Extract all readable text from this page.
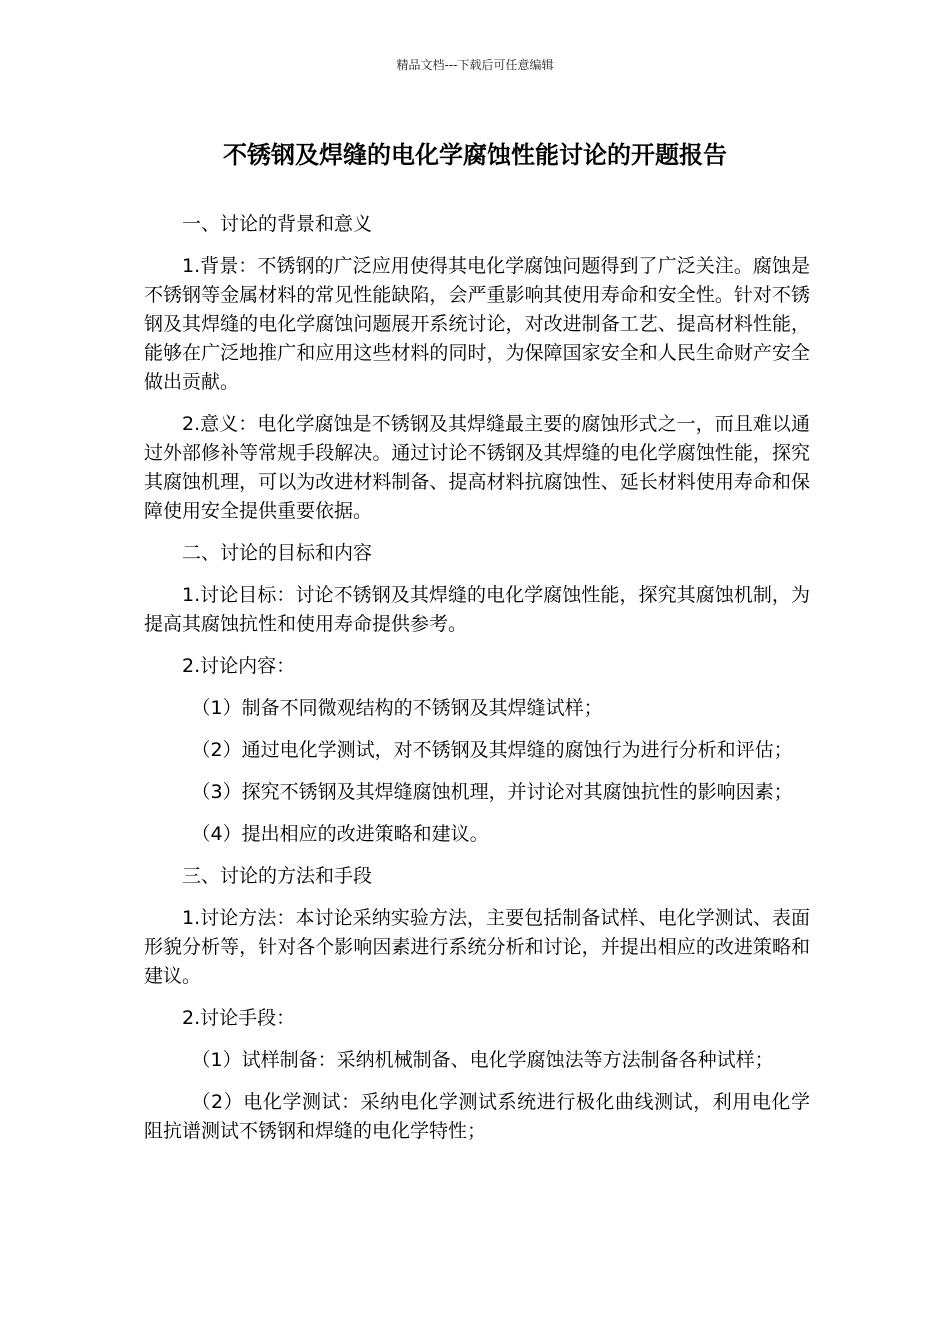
精品文档---下载后可任意编辑
不锈钢及焊缝的电化学腐蚀性能讨论的开题报告

一、讨论的背景和意义

1.背景：不锈钢的广泛应用使得其电化学腐蚀问题得到了广泛关注。腐蚀是不锈钢等金属材料的常见性能缺陷，会严重影响其使用寿命和安全性。针对不锈钢及其焊缝的电化学腐蚀问题展开系统讨论，对改进制备工艺、提高材料性能，能够在广泛地推广和应用这些材料的同时，为保障国家安全和人民生命财产安全做出贡献。

2.意义：电化学腐蚀是不锈钢及其焊缝最主要的腐蚀形式之一，而且难以通过外部修补等常规手段解决。通过讨论不锈钢及其焊缝的电化学腐蚀性能，探究其腐蚀机理，可以为改进材料制备、提高材料抗腐蚀性、延长材料使用寿命和保障使用安全提供重要依据。

二、讨论的目标和内容

1.讨论目标：讨论不锈钢及其焊缝的电化学腐蚀性能，探究其腐蚀机制，为提高其腐蚀抗性和使用寿命提供参考。

2.讨论内容：

（1）制备不同微观结构的不锈钢及其焊缝试样；

（2）通过电化学测试，对不锈钢及其焊缝的腐蚀行为进行分析和评估；

（3）探究不锈钢及其焊缝腐蚀机理，并讨论对其腐蚀抗性的影响因素；

（4）提出相应的改进策略和建议。

三、讨论的方法和手段

1.讨论方法：本讨论采纳实验方法，主要包括制备试样、电化学测试、表面形貌分析等，针对各个影响因素进行系统分析和讨论，并提出相应的改进策略和建议。

2.讨论手段：

（1）试样制备：采纳机械制备、电化学腐蚀法等方法制备各种试样；

（2）电化学测试：采纳电化学测试系统进行极化曲线测试，利用电化学阻抗谱测试不锈钢和焊缝的电化学特性；
